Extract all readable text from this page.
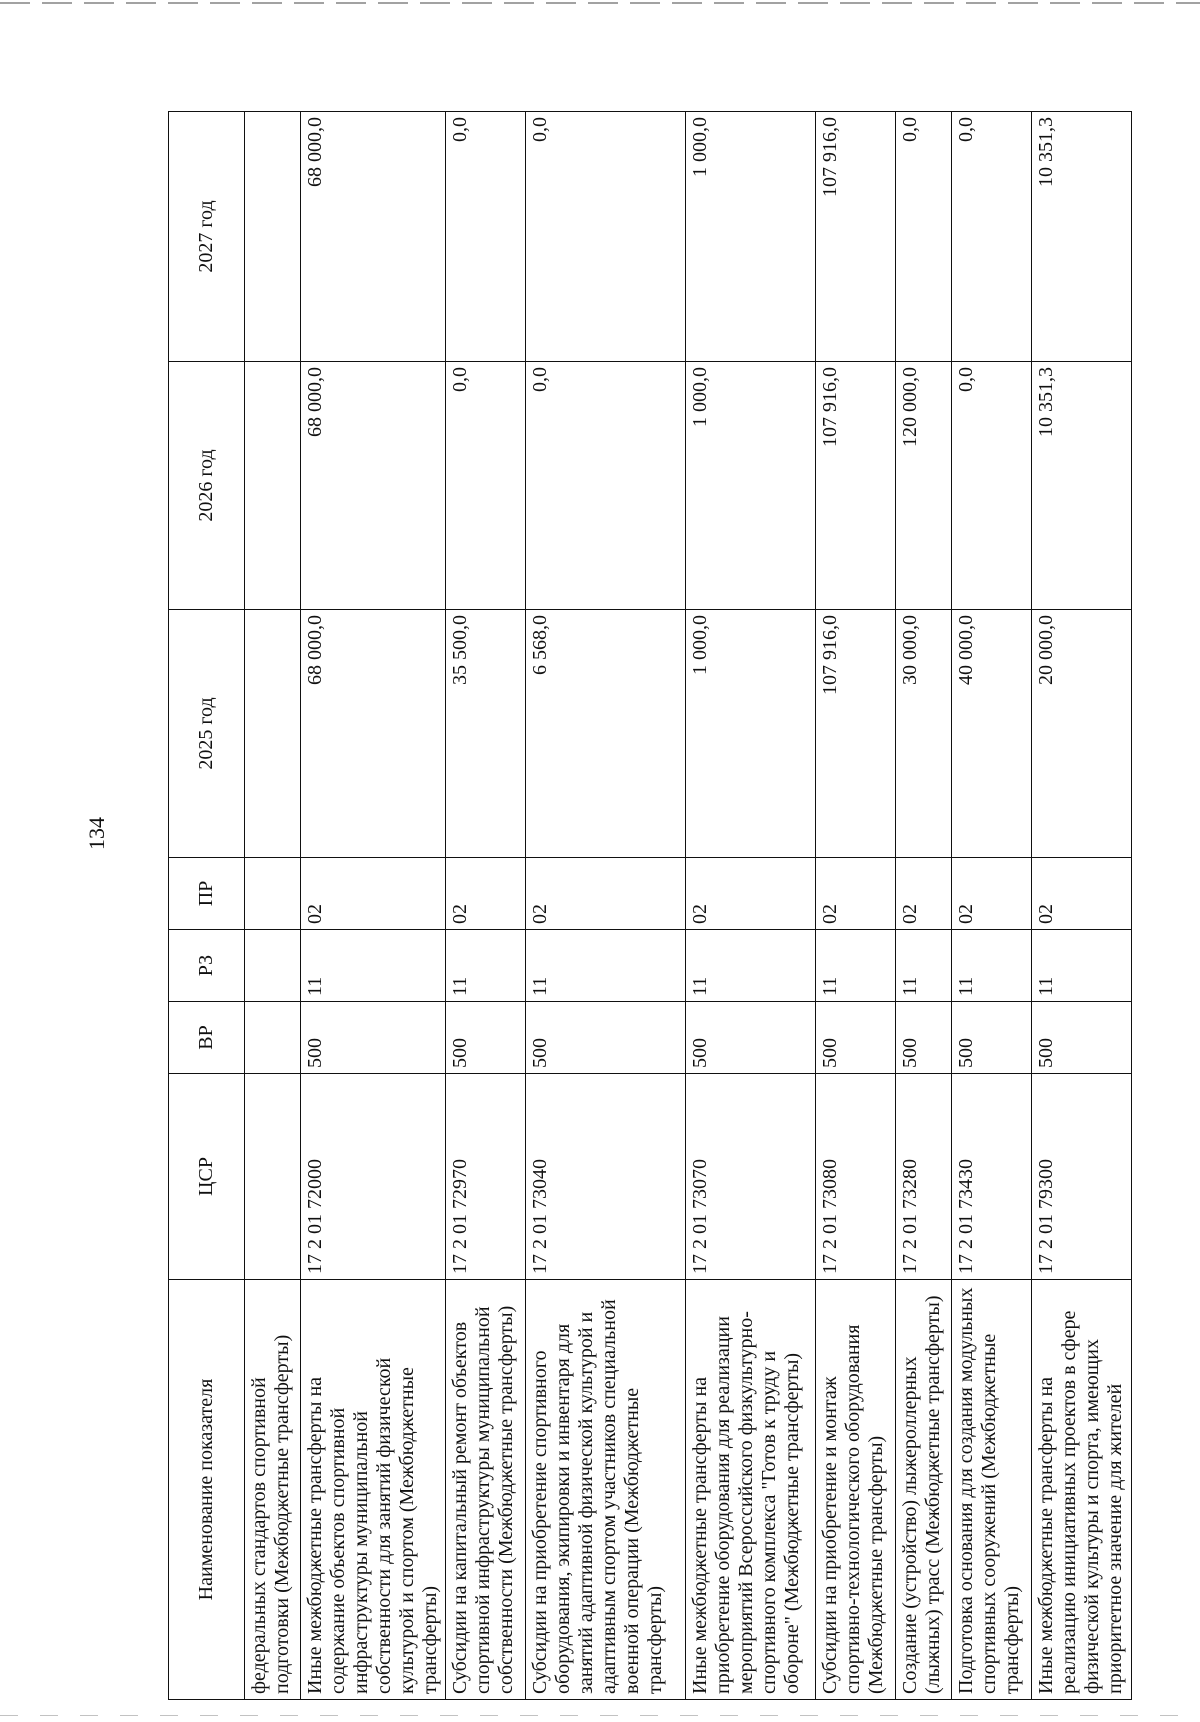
134
Наименование показателя	ЦСР	ВР	РЗ	ПР	2025 год	2026 год	2027 год
федеральных стандартов спортивной подготовки (Межбюджетные трансферты)							
Иные межбюджетные трансферты на содержание объектов спортивной инфраструктуры муниципальной собственности для занятий физической культурой и спортом (Межбюджетные трансферты)	17 2 01 72000	500	11	02	68 000,0	68 000,0	68 000,0
Субсидии на капитальный ремонт объектов спортивной инфраструктуры муниципальной собственности (Межбюджетные трансферты)	17 2 01 72970	500	11	02	35 500,0	0,0	0,0
Субсидии на приобретение спортивного оборудования, экипировки и инвентаря для занятий адаптивной физической культурой и адаптивным спортом участников специальной военной операции (Межбюджетные трансферты)	17 2 01 73040	500	11	02	6 568,0	0,0	0,0
Иные межбюджетные трансферты на приобретение оборудования для реализации мероприятий Всероссийского физкультурно-спортивного комплекса "Готов к труду и обороне" (Межбюджетные трансферты)	17 2 01 73070	500	11	02	1 000,0	1 000,0	1 000,0
Субсидии на приобретение и монтаж спортивно-технологического оборудования (Межбюджетные трансферты)	17 2 01 73080	500	11	02	107 916,0	107 916,0	107 916,0
Создание (устройство) лыжероллерных (лыжных) трасс (Межбюджетные трансферты)	17 2 01 73280	500	11	02	30 000,0	120 000,0	0,0
Подготовка основания для создания модульных спортивных сооружений (Межбюджетные трансферты)	17 2 01 73430	500	11	02	40 000,0	0,0	0,0
Иные межбюджетные трансферты на реализацию инициативных проектов в сфере физической культуры и спорта, имеющих приоритетное значение для жителей	17 2 01 79300	500	11	02	20 000,0	10 351,3	10 351,3
